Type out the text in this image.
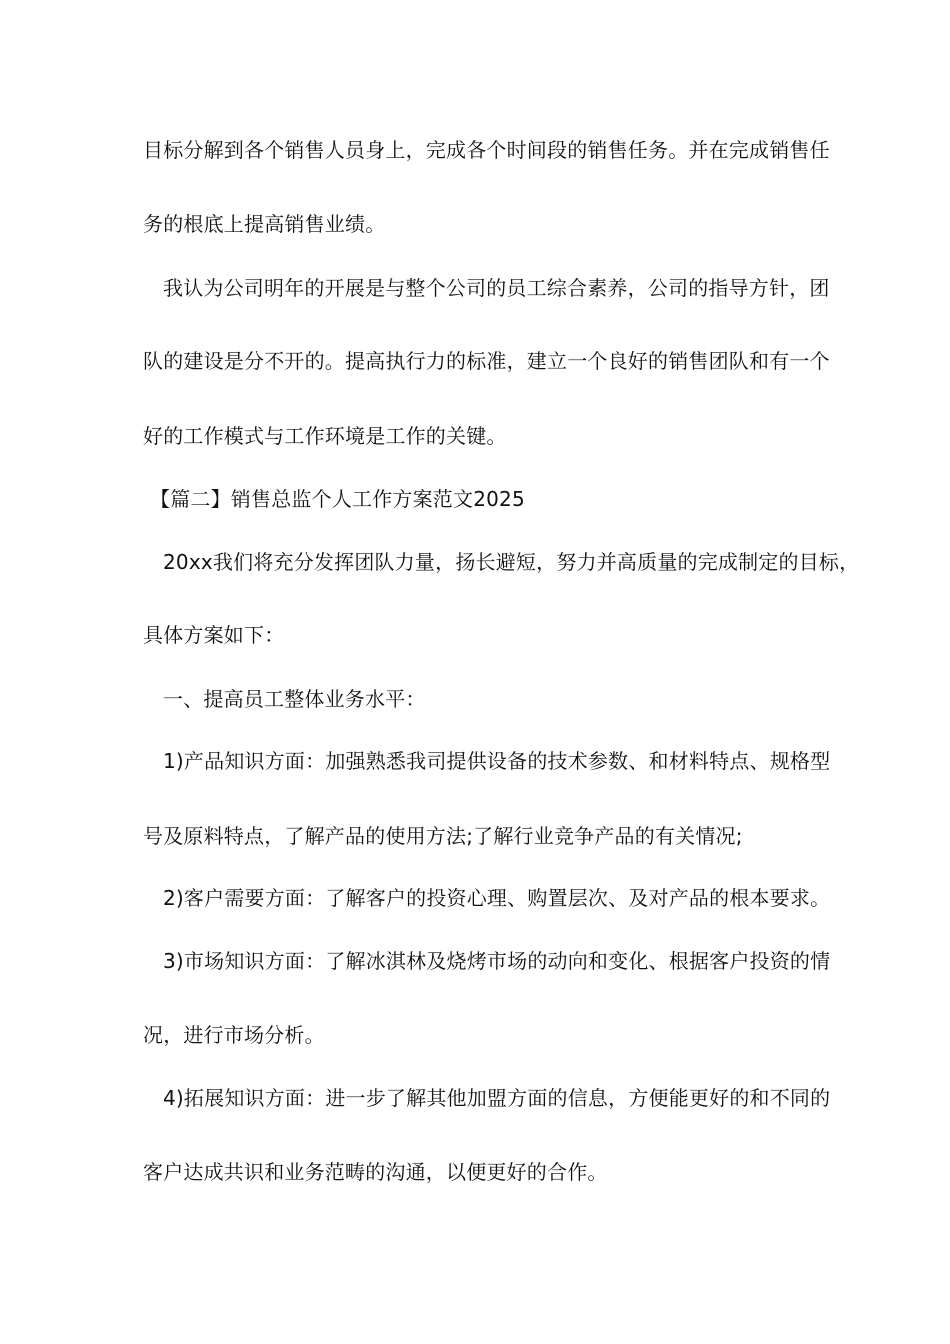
目标分解到各个销售人员身上，完成各个时间段的销售任务。并在完成销售任
务的根底上提高销售业绩。
我认为公司明年的开展是与整个公司的员工综合素养，公司的指导方针，团
队的建设是分不开的。提高执行力的标准，建立一个良好的销售团队和有一个
好的工作模式与工作环境是工作的关键。
【篇二】销售总监个人工作方案范文2025
20xx我们将充分发挥团队力量，扬长避短，努力并高质量的完成制定的目标，
具体方案如下：
一、提高员工整体业务水平：
1)产品知识方面：加强熟悉我司提供设备的技术参数、和材料特点、规格型
号及原料特点，了解产品的使用方法;了解行业竞争产品的有关情况;
2)客户需要方面：了解客户的投资心理、购置层次、及对产品的根本要求。
3)市场知识方面：了解冰淇林及烧烤市场的动向和变化、根据客户投资的情
况，进行市场分析。
4)拓展知识方面：进一步了解其他加盟方面的信息，方便能更好的和不同的
客户达成共识和业务范畴的沟通，以便更好的合作。
